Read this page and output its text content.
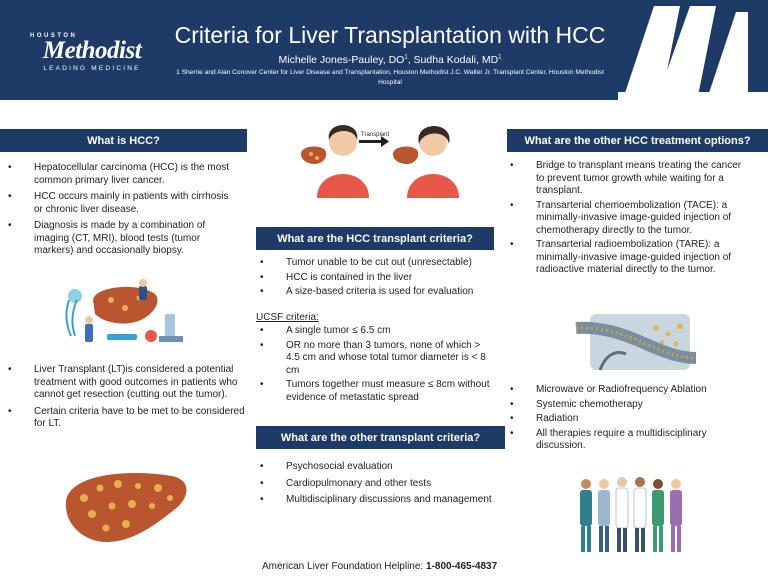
HOUSTON
Methodist
LEADING MEDICINE
Criteria for Liver Transplantation with HCC
Michelle Jones-Pauley, $DO^1$, Sudha Kodali, $MD^1$
1 Sherrie and Alan Conover Center for Liver Disease and Transplantation, Houston Methodist J.C. Walter Jr. Transplant Center, Houston Methodist Hospital
What is HCC?
• Hepatocellular carcinoma (HCC) is the most common primary liver cancer.
• HCC occurs mainly in patients with cirrhosis or chronic liver disease.
• Diagnosis is made by a combination of imaging (CT, MRI), blood tests (tumor markers) and occasionally biopsy.
• Liver Transplant (LT)is considered a potential treatment with good outcomes in patients who cannot get resection (cutting out the tumor).
• Certain criteria have to be met to be considered for LT.
Transplant
What are the HCC transplant criteria?
• Tumor unable to be cut out (unresectable)
• HCC is contained in the liver
• A size-based criteria is used for evaluation
UCSF criteria:
• A single tumor ≤ 6.5 cm
• OR no more than 3 tumors, none of which > 4.5 cm and whose total tumor diameter is < 8 cm
• Tumors together must measure ≤ 8cm without evidence of metastatic spread
What are the other transplant criteria?
• Psychosocial evaluation
• Cardiopulmonary and other tests
• Multidisciplinary discussions and management
What are the other HCC treatment options?
• Bridge to transplant means treating the cancer to prevent tumor growth while waiting for a transplant.
• Transarterial chemoembolization (TACE): a minimally-invasive image-guided injection of chemotherapy directly to the tumor.
• Transarterial radioembolization (TARE): a minimally-invasive image-guided injection of radioactive material directly to the tumor.
• Microwave or Radiofrequency Ablation
• Systemic chemotherapy
• Radiation
• All therapies require a multidisciplinary discussion.
American Liver Foundation Helpline: 1-800-465-4837
